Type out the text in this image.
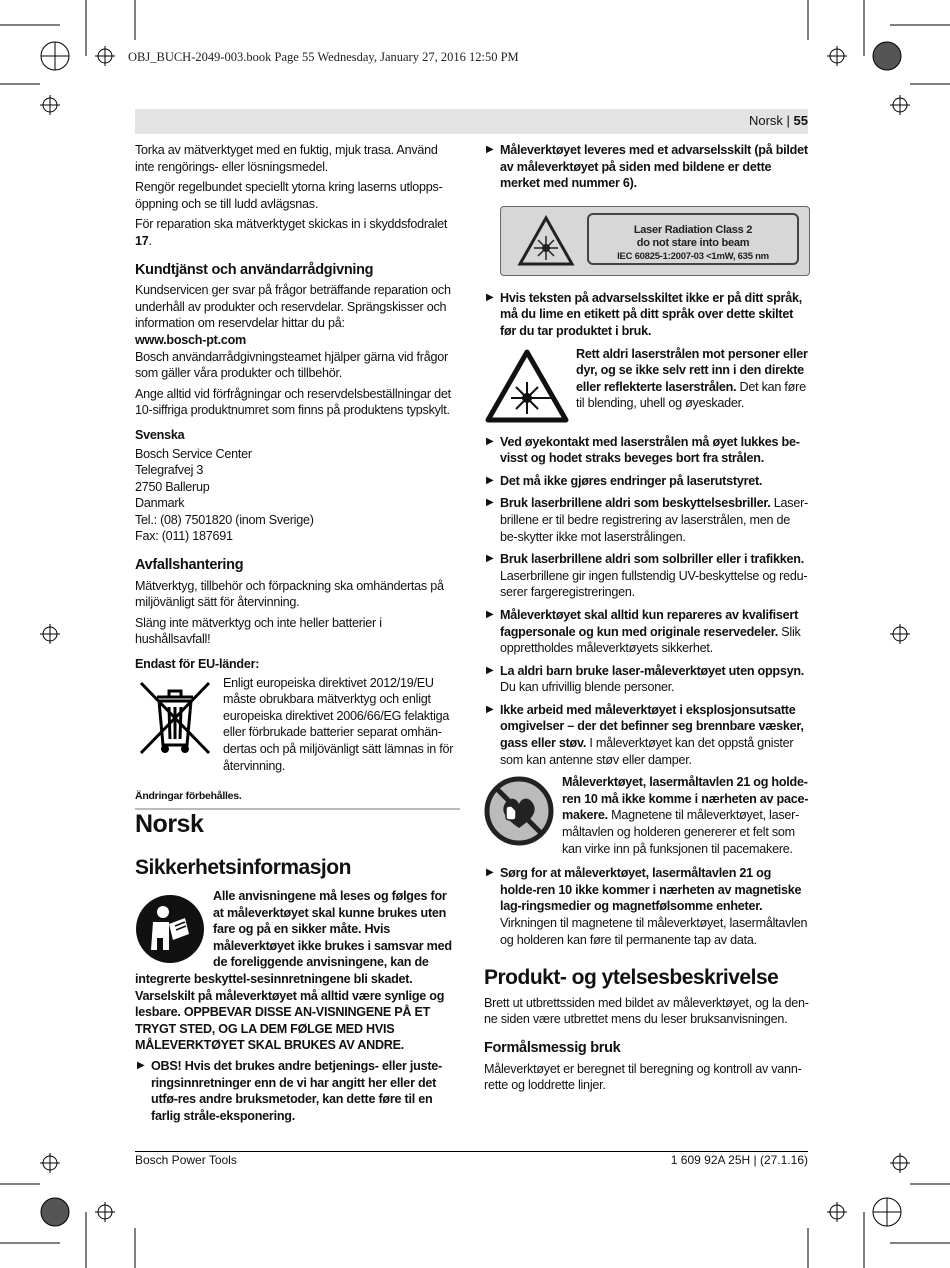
OBJ_BUCH-2049-003.book Page 55 Wednesday, January 27, 2016 12:50 PM
Norsk | 55

Torka av mätverktyget med en fuktig, mjuk trasa. Använd inte rengörings- eller lösningsmedel.

Rengör regelbundet speciellt ytorna kring laserns utlopps-öppning och se till ludd avlägsnas.

För reparation ska mätverktyget skickas in i skyddsfodralet 17.

Kundtjänst och användarrådgivning

Kundservicen ger svar på frågor beträffande reparation och underhåll av produkter och reservdelar. Sprängskisser och information om reservdelar hittar du på:

www.bosch-pt.com

Bosch användarrådgivningsteamet hjälper gärna vid frågor som gäller våra produkter och tillbehör.

Ange alltid vid förfrågningar och reservdelsbeställningar det 10-siffriga produktnumret som finns på produktens typskylt.

Svenska
Bosch Service Center
Telegrafvej 3
2750 Ballerup
Danmark
Tel.: (08) 7501820 (inom Sverige)
Fax: (011) 187691
Avfallshantering

Mätverktyg, tillbehör och förpackning ska omhändertas på miljövänligt sätt för återvinning.

Släng inte mätverktyg och inte heller batterier i hushållsavfall!

Endast för EU-länder:
Enligt europeiska direktivet 2012/19/EU måste obrukbara mätverktyg och enligt europeiska direktivet 2006/66/EG felaktiga eller förbrukade batterier separat omhän-dertas och på miljövänligt sätt lämnas in för återvinning.

Ändringar förbehålles.

Norsk
Sikkerhetsinformasjon

Alle anvisningene må leses og følges for at måleverktøyet skal kunne brukes uten fare og på en sikker måte. Hvis måleverktøyet ikke brukes i samsvar med de foreliggende anvisningene, kan de integrerte beskyttel-sesinnretningene bli skadet. Varselskilt på måleverktøyet må alltid være synlige og lesbare. OPPBEVAR DISSE AN-VISNINGENE PÅ ET TRYGT STED, OG LA DEM FØLGE MED HVIS MÅLEVERKTØYET SKAL BRUKES AV ANDRE.

▶ OBS! Hvis det brukes andre betjenings- eller juste-ringsinnretninger enn de vi har angitt her eller det utfø-res andre bruksmetoder, kan dette føre til en farlig stråle-eksponering.
▶ Måleverktøyet leveres med et advarselsskilt (på bildet av måleverktøyet på siden med bildene er dette merket med nummer 6).
Laser Radiation Class 2
do not stare into beam
IEC 60825-1:2007-03 <1mW, 635 nm
▶ Hvis teksten på advarselsskiltet ikke er på ditt språk, må du lime en etikett på ditt språk over dette skiltet før du tar produktet i bruk.
Rett aldri laserstrålen mot personer eller dyr, og se ikke selv rett inn i den direkte eller reflekterte laserstrålen. Det kan føre til blending, uhell og øyeskader.
▶ Ved øyekontakt med laserstrålen må øyet lukkes be-visst og hodet straks beveges bort fra strålen.
▶ Det må ikke gjøres endringer på laserutstyret.
▶ Bruk laserbrillene aldri som beskyttelsesbriller. Laser-brillene er til bedre registrering av laserstrålen, men de be-skytter ikke mot laserstrålingen.
▶ Bruk laserbrillene aldri som solbriller eller i trafikken. Laserbrillene gir ingen fullstendig UV-beskyttelse og redu-serer fargeregistreringen.
▶ Måleverktøyet skal alltid kun repareres av kvalifisert fagpersonale og kun med originale reservedeler. Slik opprettholdes måleverktøyets sikkerhet.
▶ La aldri barn bruke laser-måleverktøyet uten oppsyn. Du kan ufrivillig blende personer.
▶ Ikke arbeid med måleverktøyet i eksplosjonsutsatte omgivelser – der det befinner seg brennbare væsker, gass eller støv. I måleverktøyet kan det oppstå gnister som kan antenne støv eller damper.
Måleverktøyet, lasermåltavlen 21 og holde-ren 10 må ikke komme i nærheten av pace-makere. Magnetene til måleverktøyet, laser-måltavlen og holderen genererer et felt som kan virke inn på funksjonen til pacemakere.
▶ Sørg for at måleverktøyet, lasermåltavlen 21 og holde-ren 10 ikke kommer i nærheten av magnetiske lag-ringsmedier og magnetfølsomme enheter. Virkningen til magnetene til måleverktøyet, lasermåltavlen og holderen kan føre til permanente tap av data.
Produkt- og ytelsesbeskrivelse

Brett ut utbrettssiden med bildet av måleverktøyet, og la den-ne siden være utbrettet mens du leser bruksanvisningen.

Formålsmessig bruk

Måleverktøyet er beregnet til beregning og kontroll av vann-rette og loddrette linjer.

Bosch Power Tools	1 609 92A 25H | (27.1.16)
